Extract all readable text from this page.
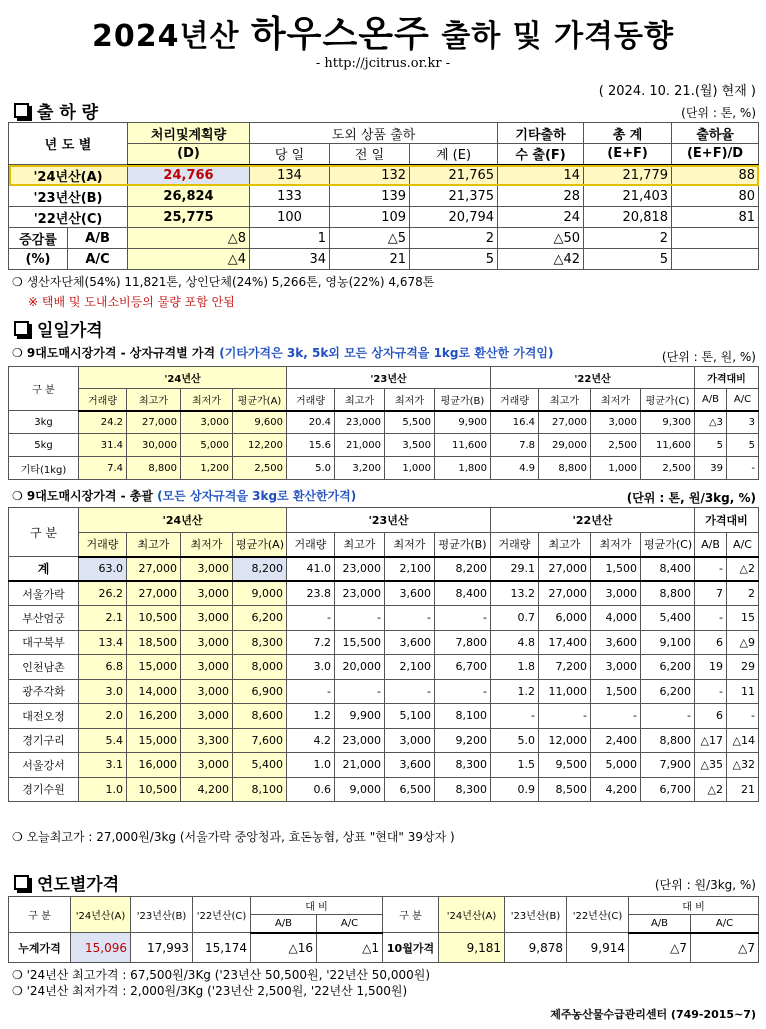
2024년산 하우스온주 출하 및 가격동향
- http://jcitrus.or.kr -
( 2024. 10. 21.(월) 현재 )
출 하 량	(단위 : 톤, %)
년 도 별		처리및계획량	도외 상품 출하			기타출하	총 계	출하율
		(D)	당 일	전 일	계 (E)	수 출(F)	(E+F)	(E+F)/D
'24년산(A)		24,766	134	132	21,765	14	21,779	88
'23년산(B)		26,824	133	139	21,375	28	21,403	80
'22년산(C)		25,775	100	109	20,794	24	20,818	81
증감률	A/B	△8	1	△5	2	△50	2	
(%)	A/C	△4	34	21	5	△42	5	
❍ 생산자단체(54%) 11,821톤, 상인단체(24%) 5,266톤, 영농(22%) 4,678톤
※ 택배 및 도내소비등의 물량 포함 안됨
일일가격
❍ 9대도매시장가격 - 상자규격별 가격 (기타가격은 3k, 5k외 모든 상자규격을 1kg로 환산한 가격임)	(단위 : 톤, 원, %)
구 분	'24년산				'23년산				'22년산				가격대비	
	거래량	최고가	최저가	평균가(A)	거래량	최고가	최저가	평균가(B)	거래량	최고가	최저가	평균가(C)	A/B	A/C
3kg	24.2	27,000	3,000	9,600	20.4	23,000	5,500	9,900	16.4	27,000	3,000	9,300	△3	3
5kg	31.4	30,000	5,000	12,200	15.6	21,000	3,500	11,600	7.8	29,000	2,500	11,600	5	5
기타(1kg)	7.4	8,800	1,200	2,500	5.0	3,200	1,000	1,800	4.9	8,800	1,000	2,500	39	-
❍ 9대도매시장가격 - 총괄 (모든 상자규격을 3kg로 환산한가격)	(단위 : 톤, 원/3kg, %)
구 분	'24년산				'23년산				'22년산				가격대비	
	거래량	최고가	최저가	평균가(A)	거래량	최고가	최저가	평균가(B)	거래량	최고가	최저가	평균가(C)	A/B	A/C
계	63.0	27,000	3,000	8,200	41.0	23,000	2,100	8,200	29.1	27,000	1,500	8,400	-	△2
서울가락	26.2	27,000	3,000	9,000	23.8	23,000	3,600	8,400	13.2	27,000	3,000	8,800	7	2
부산엄궁	2.1	10,500	3,000	6,200	-	-	-	-	0.7	6,000	4,000	5,400	-	15
대구북부	13.4	18,500	3,000	8,300	7.2	15,500	3,600	7,800	4.8	17,400	3,600	9,100	6	△9
인천남촌	6.8	15,000	3,000	8,000	3.0	20,000	2,100	6,700	1.8	7,200	3,000	6,200	19	29
광주각화	3.0	14,000	3,000	6,900	-	-	-	-	1.2	11,000	1,500	6,200	-	11
대전오정	2.0	16,200	3,000	8,600	1.2	9,900	5,100	8,100	-	-	-	-	6	-
경기구리	5.4	15,000	3,300	7,600	4.2	23,000	3,000	9,200	5.0	12,000	2,400	8,800	△17	△14
서울강서	3.1	16,000	3,000	5,400	1.0	21,000	3,600	8,300	1.5	9,500	5,000	7,900	△35	△32
경기수원	1.0	10,500	4,200	8,100	0.6	9,000	6,500	8,300	0.9	8,500	4,200	6,700	△2	21
❍ 오늘최고가 : 27,000원/3kg (서울가락 중앙청과, 효돈농협, 상표 "현대" 39상자 )
연도별가격	(단위 : 원/3kg, %)
구 분	'24년산(A)	'23년산(B)	'22년산(C)	대 비		구 분	'24년산(A)	'23년산(B)	'22년산(C)	대 비	
				A/B	A/C					A/B	A/C
누계가격	15,096	17,993	15,174	△16	△1	10월가격	9,181	9,878	9,914	△7	△7
❍ '24년산 최고가격 : 67,500원/3Kg ('23년산 50,500원, '22년산 50,000원)
❍ '24년산 최저가격 : 2,000원/3Kg ('23년산 2,500원, '22년산 1,500원)
제주농산물수급관리센터 (749-2015~7)
